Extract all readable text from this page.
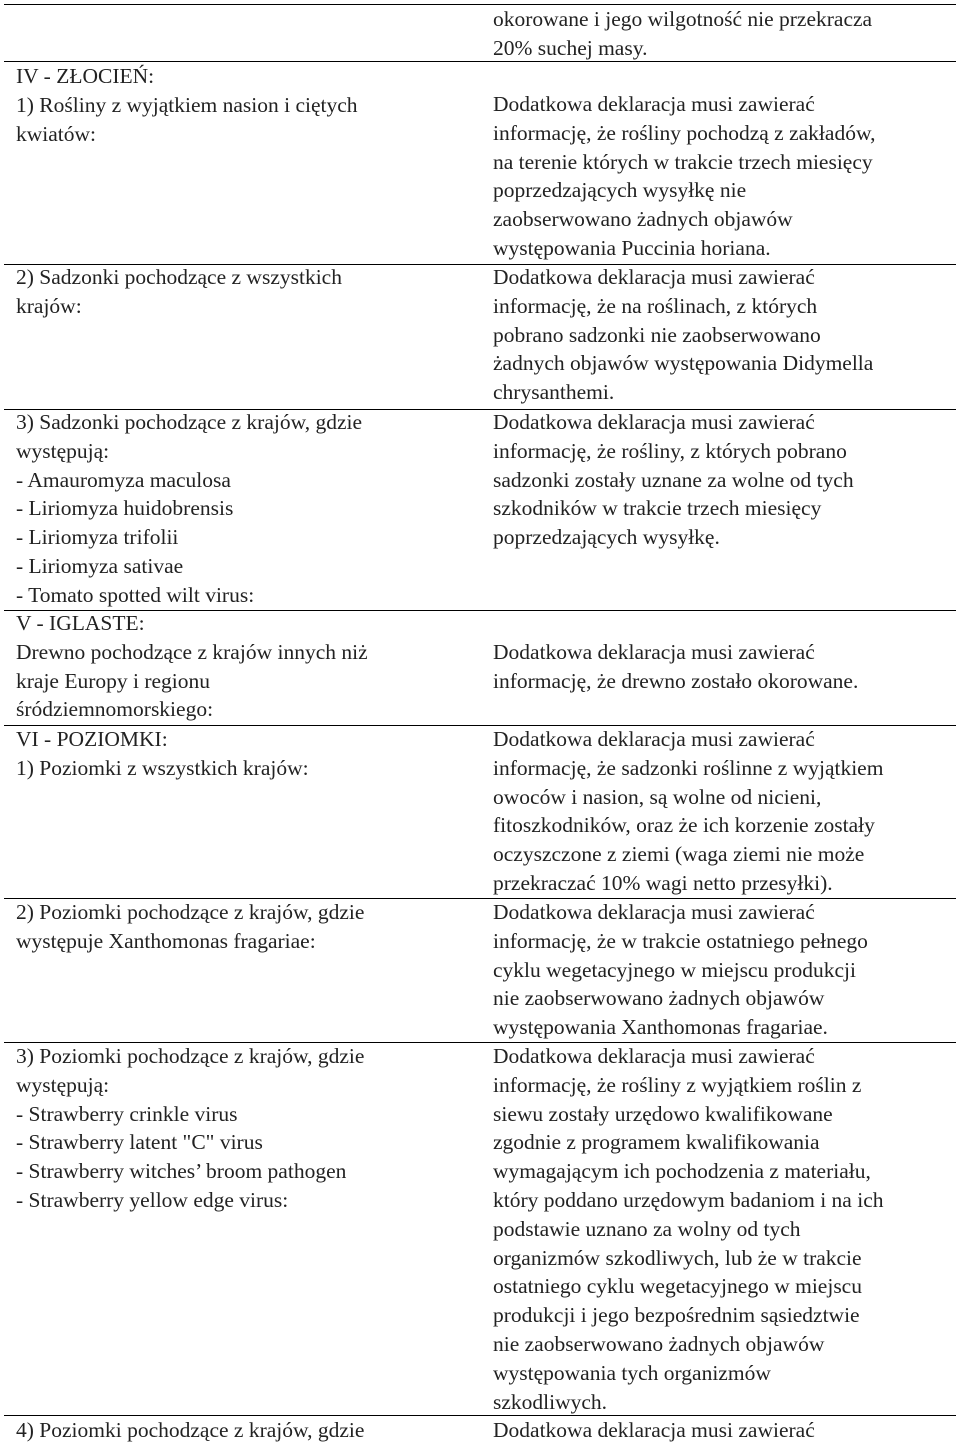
okorowane i jego wilgotność nie przekracza
20% suchej masy.
IV - ZŁOCIEŃ:
1) Rośliny z wyjątkiem nasion i ciętych
kwiatów:
Dodatkowa deklaracja musi zawierać
informację, że rośliny pochodzą z zakładów,
na terenie których w trakcie trzech miesięcy
poprzedzających wysyłkę nie
zaobserwowano żadnych objawów
występowania Puccinia horiana.
2) Sadzonki pochodzące z wszystkich
krajów:
Dodatkowa deklaracja musi zawierać
informację, że na roślinach, z których
pobrano sadzonki nie zaobserwowano
żadnych objawów występowania Didymella
chrysanthemi.
3) Sadzonki pochodzące z krajów, gdzie
występują:
- Amauromyza maculosa
- Liriomyza huidobrensis
- Liriomyza trifolii
- Liriomyza sativae
- Tomato spotted wilt virus:
Dodatkowa deklaracja musi zawierać
informację, że rośliny, z których pobrano
sadzonki zostały uznane za wolne od tych
szkodników w trakcie trzech miesięcy
poprzedzających wysyłkę.
V - IGLASTE:
Drewno pochodzące z krajów innych niż
kraje Europy i regionu
śródziemnomorskiego:

Dodatkowa deklaracja musi zawierać
informację, że drewno zostało okorowane.
VI - POZIOMKI:
1) Poziomki z wszystkich krajów:
Dodatkowa deklaracja musi zawierać
informację, że sadzonki roślinne z wyjątkiem
owoców i nasion, są wolne od nicieni,
fitoszkodników, oraz że ich korzenie zostały
oczyszczone z ziemi (waga ziemi nie może
przekraczać 10% wagi netto przesyłki).
2) Poziomki pochodzące z krajów, gdzie
występuje Xanthomonas fragariae:
Dodatkowa deklaracja musi zawierać
informację, że w trakcie ostatniego pełnego
cyklu wegetacyjnego w miejscu produkcji
nie zaobserwowano żadnych objawów
występowania Xanthomonas fragariae.
3) Poziomki pochodzące z krajów, gdzie
występują:
- Strawberry crinkle virus
- Strawberry latent "C" virus
- Strawberry witches’ broom pathogen
- Strawberry yellow edge virus:
Dodatkowa deklaracja musi zawierać
informację, że rośliny z wyjątkiem roślin z
siewu zostały urzędowo kwalifikowane
zgodnie z programem kwalifikowania
wymagającym ich pochodzenia z materiału,
który poddano urzędowym badaniom i na ich
podstawie uznano za wolny od tych
organizmów szkodliwych, lub że w trakcie
ostatniego cyklu wegetacyjnego w miejscu
produkcji i jego bezpośrednim sąsiedztwie
nie zaobserwowano żadnych objawów
występowania tych organizmów
szkodliwych.
4) Poziomki pochodzące z krajów, gdzie	Dodatkowa deklaracja musi zawierać
